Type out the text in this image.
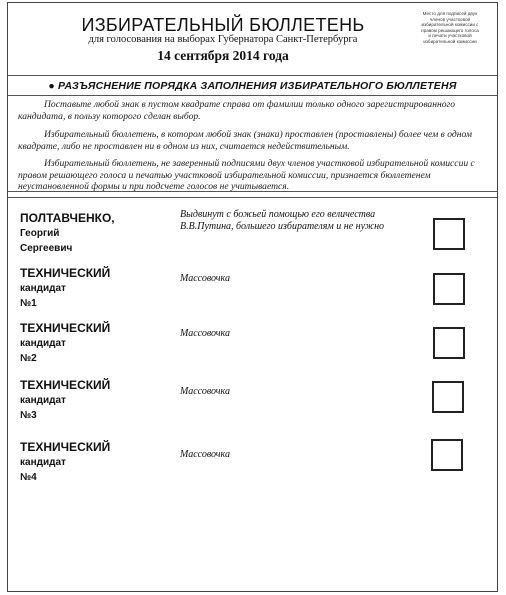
ИЗБИРАТЕЛЬНЫЙ БЮЛЛЕТЕНЬ
для голосования на выборах Губернатора Санкт-Петербурга
14 сентября 2014 года
Место для подписей двух членов участковой избирательной комиссии с правом решающего голоса и печати участковой избирательной комиссии
● РАЗЪЯСНЕНИЕ ПОРЯДКА ЗАПОЛНЕНИЯ ИЗБИРАТЕЛЬНОГО БЮЛЛЕТЕНЯ
Поставьте любой знак в пустом квадрате справа от фамилии только одного зарегистрированного кандидата, в пользу которого сделан выбор.
Избирательный бюллетень, в котором любой знак (знаки) проставлен (проставлены) более чем в одном квадрате, либо не проставлен ни в одном из них, считается недействительным.
Избирательный бюллетень, не заверенный подписями двух членов участковой избирательной комиссии с правом решающего голоса и печатью участковой избирательной комиссии, признается бюллетенем неустановленной формы и при подсчете голосов не учитывается.
ПОЛТАВЧЕНКО,
Георгий
Сергеевич
Выдвинут с божьей помощью его величества В.В.Путина, большего избирателям и не нужно
ТЕХНИЧЕСКИЙ
кандидат
№1
Массовочка
ТЕХНИЧЕСКИЙ
кандидат
№2
Массовочка
ТЕХНИЧЕСКИЙ
кандидат
№3
Массовочка
ТЕХНИЧЕСКИЙ
кандидат
№4
Массовочка
